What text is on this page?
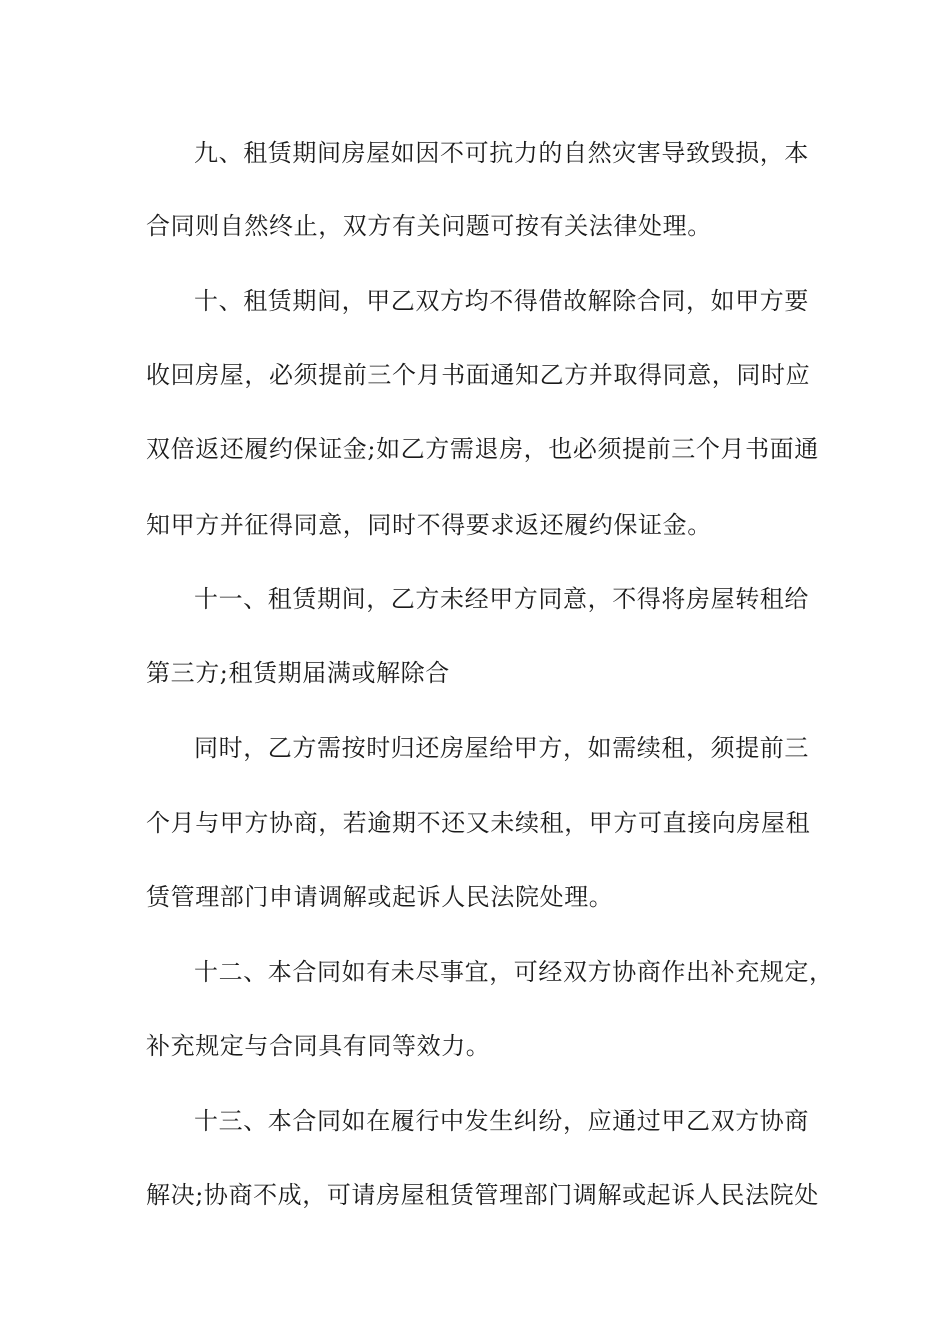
九、租赁期间房屋如因不可抗力的自然灾害导致毁损，本
合同则自然终止，双方有关问题可按有关法律处理。
十、租赁期间，甲乙双方均不得借故解除合同，如甲方要
收回房屋，必须提前三个月书面通知乙方并取得同意，同时应
双倍返还履约保证金;如乙方需退房，也必须提前三个月书面通
知甲方并征得同意，同时不得要求返还履约保证金。
十一、租赁期间，乙方未经甲方同意，不得将房屋转租给
第三方;租赁期届满或解除合
同时，乙方需按时归还房屋给甲方，如需续租，须提前三
个月与甲方协商，若逾期不还又未续租，甲方可直接向房屋租
赁管理部门申请调解或起诉人民法院处理。
十二、本合同如有未尽事宜，可经双方协商作出补充规定，
补充规定与合同具有同等效力。
十三、本合同如在履行中发生纠纷，应通过甲乙双方协商
解决;协商不成，可请房屋租赁管理部门调解或起诉人民法院处
